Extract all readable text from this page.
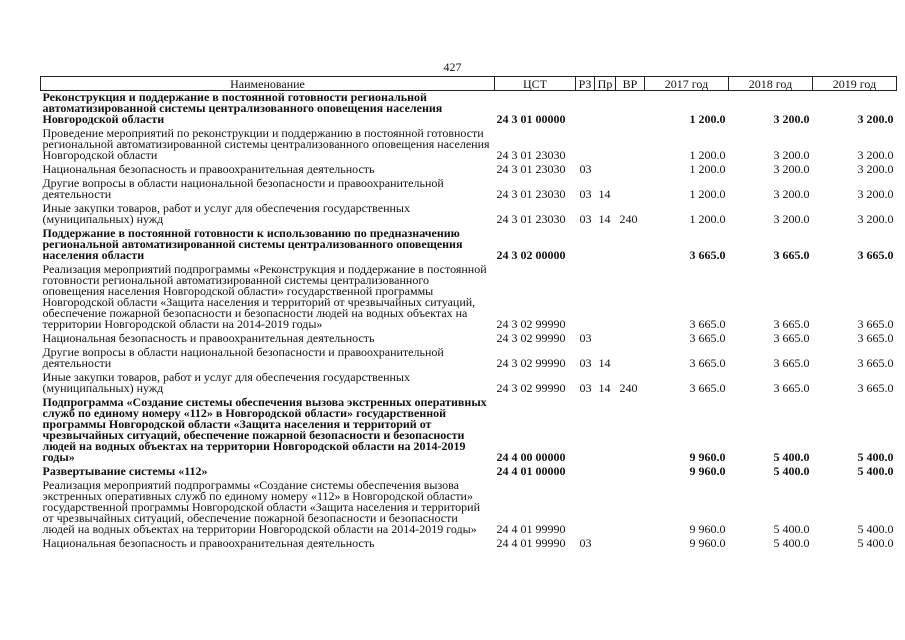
427
Наименование	ЦСТ	РЗ	Пр	ВР	2017 год	2018 год	2019 год
Реконструкция и поддержание в постоянной готовности региональной автоматизированной системы централизованного оповещения населения Новгородской области	24 3 01 00000				1 200.0	3 200.0	3 200.0
Проведение мероприятий по реконструкции и поддержанию в постоянной готовности региональной автоматизированной системы централизованного оповещения населения Новгородской области	24 3 01 23030				1 200.0	3 200.0	3 200.0
Национальная безопасность и правоохранительная деятельность	24 3 01 23030	03			1 200.0	3 200.0	3 200.0
Другие вопросы в области национальной безопасности и правоохранительной деятельности	24 3 01 23030	03	14		1 200.0	3 200.0	3 200.0
Иные закупки товаров, работ и услуг для обеспечения государственных (муниципальных) нужд	24 3 01 23030	03	14	240	1 200.0	3 200.0	3 200.0
Поддержание в постоянной готовности к использованию по предназначению региональной автоматизированной системы централизованного оповещения населения области	24 3 02 00000				3 665.0	3 665.0	3 665.0
Реализация мероприятий подпрограммы «Реконструкция и поддержание в постоянной готовности региональной автоматизированной системы централизованного оповещения населения Новгородской области» государственной программы Новгородской области «Защита населения и территорий от чрезвычайных ситуаций, обеспечение пожарной безопасности и безопасности людей на водных объектах на территории Новгородской области на 2014-2019 годы»	24 3 02 99990				3 665.0	3 665.0	3 665.0
Национальная безопасность и правоохранительная деятельность	24 3 02 99990	03			3 665.0	3 665.0	3 665.0
Другие вопросы в области национальной безопасности и правоохранительной деятельности	24 3 02 99990	03	14		3 665.0	3 665.0	3 665.0
Иные закупки товаров, работ и услуг для обеспечения государственных (муниципальных) нужд	24 3 02 99990	03	14	240	3 665.0	3 665.0	3 665.0
Подпрограмма «Создание системы обеспечения вызова экстренных оперативных служб по единому номеру «112» в Новгородской области» государственной программы Новгородской области «Защита населения и территорий от чрезвычайных ситуаций, обеспечение пожарной безопасности и безопасности людей на водных объектах на территории Новгородской области на 2014-2019 годы»	24 4 00 00000				9 960.0	5 400.0	5 400.0
Развертывание системы «112»	24 4 01 00000				9 960.0	5 400.0	5 400.0
Реализация мероприятий подпрограммы «Создание системы обеспечения вызова экстренных оперативных служб по единому номеру «112» в Новгородской области» государственной программы Новгородской области «Защита населения и территорий от чрезвычайных ситуаций, обеспечение пожарной безопасности и безопасности людей на водных объектах на территории Новгородской области на 2014-2019 годы»	24 4 01 99990				9 960.0	5 400.0	5 400.0
Национальная безопасность и правоохранительная деятельность	24 4 01 99990	03			9 960.0	5 400.0	5 400.0
